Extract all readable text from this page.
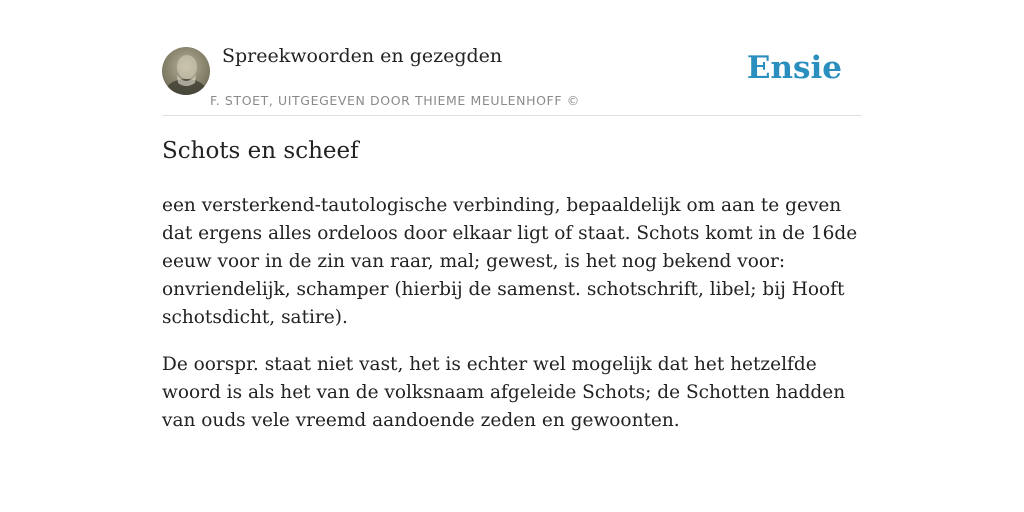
Spreekwoorden en gezegden
F. STOET, UITGEGEVEN DOOR THIEME MEULENHOFF ©
Ensie
Schots en scheef

een versterkend-tautologische verbinding, bepaaldelijk om aan te geven dat ergens alles ordeloos door elkaar ligt of staat. Schots komt in de 16de eeuw voor in de zin van raar, mal; gewest, is het nog bekend voor: onvriendelijk, schamper (hierbij de samenst. schotschrift, libel; bij Hooft schotsdicht, satire).

De oorspr. staat niet vast, het is echter wel mogelijk dat het hetzelfde woord is als het van de volksnaam afgeleide Schots; de Schotten hadden van ouds vele vreemd aandoende zeden en gewoonten.
